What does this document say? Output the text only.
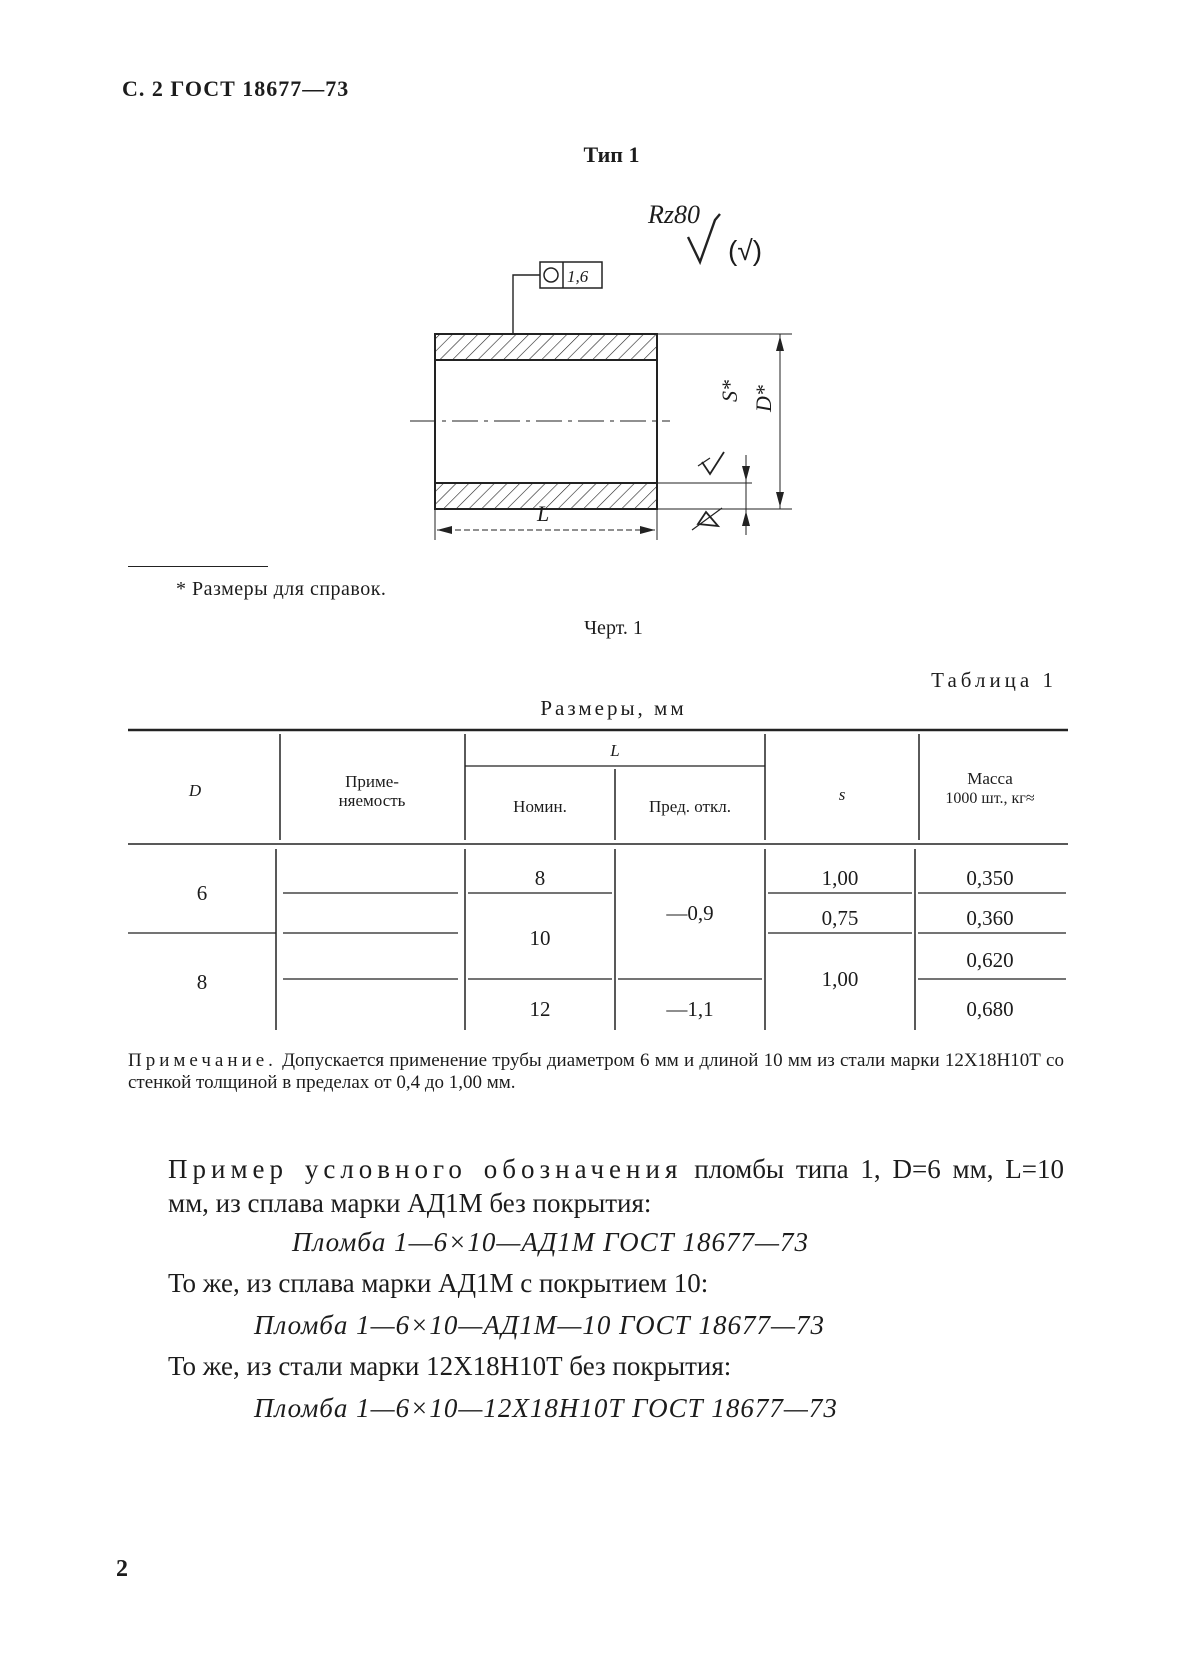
С. 2 ГОСТ 18677—73
Тип 1
Rz80
(√)
1,6
L
D*
S*
* Размеры для справок.
Черт. 1
Таблица 1
Размеры, мм
D	Приме-
няемость
L
Номин.	Пред. откл.
s
Масса
1000 шт., кг≈
6
8
8
10
12
—0,9
—1,1
1,00
0,75
1,00
0,350
0,360
0,620
0,680
Примечание. Допускается применение трубы диаметром 6 мм и длиной 10 мм из стали марки 12Х18Н10Т со стенкой толщиной в пределах от 0,4 до 1,00 мм.
Пример условного обозначения пломбы типа 1, D=6 мм, L=10 мм, из сплава марки АД1М без покрытия:
Пломба 1—6×10—АД1М ГОСТ 18677—73
То же, из сплава марки АД1М с покрытием 10:
Пломба 1—6×10—АД1М—10 ГОСТ 18677—73
То же, из стали марки 12Х18Н10Т без покрытия:
Пломба 1—6×10—12Х18Н10Т ГОСТ 18677—73
2
